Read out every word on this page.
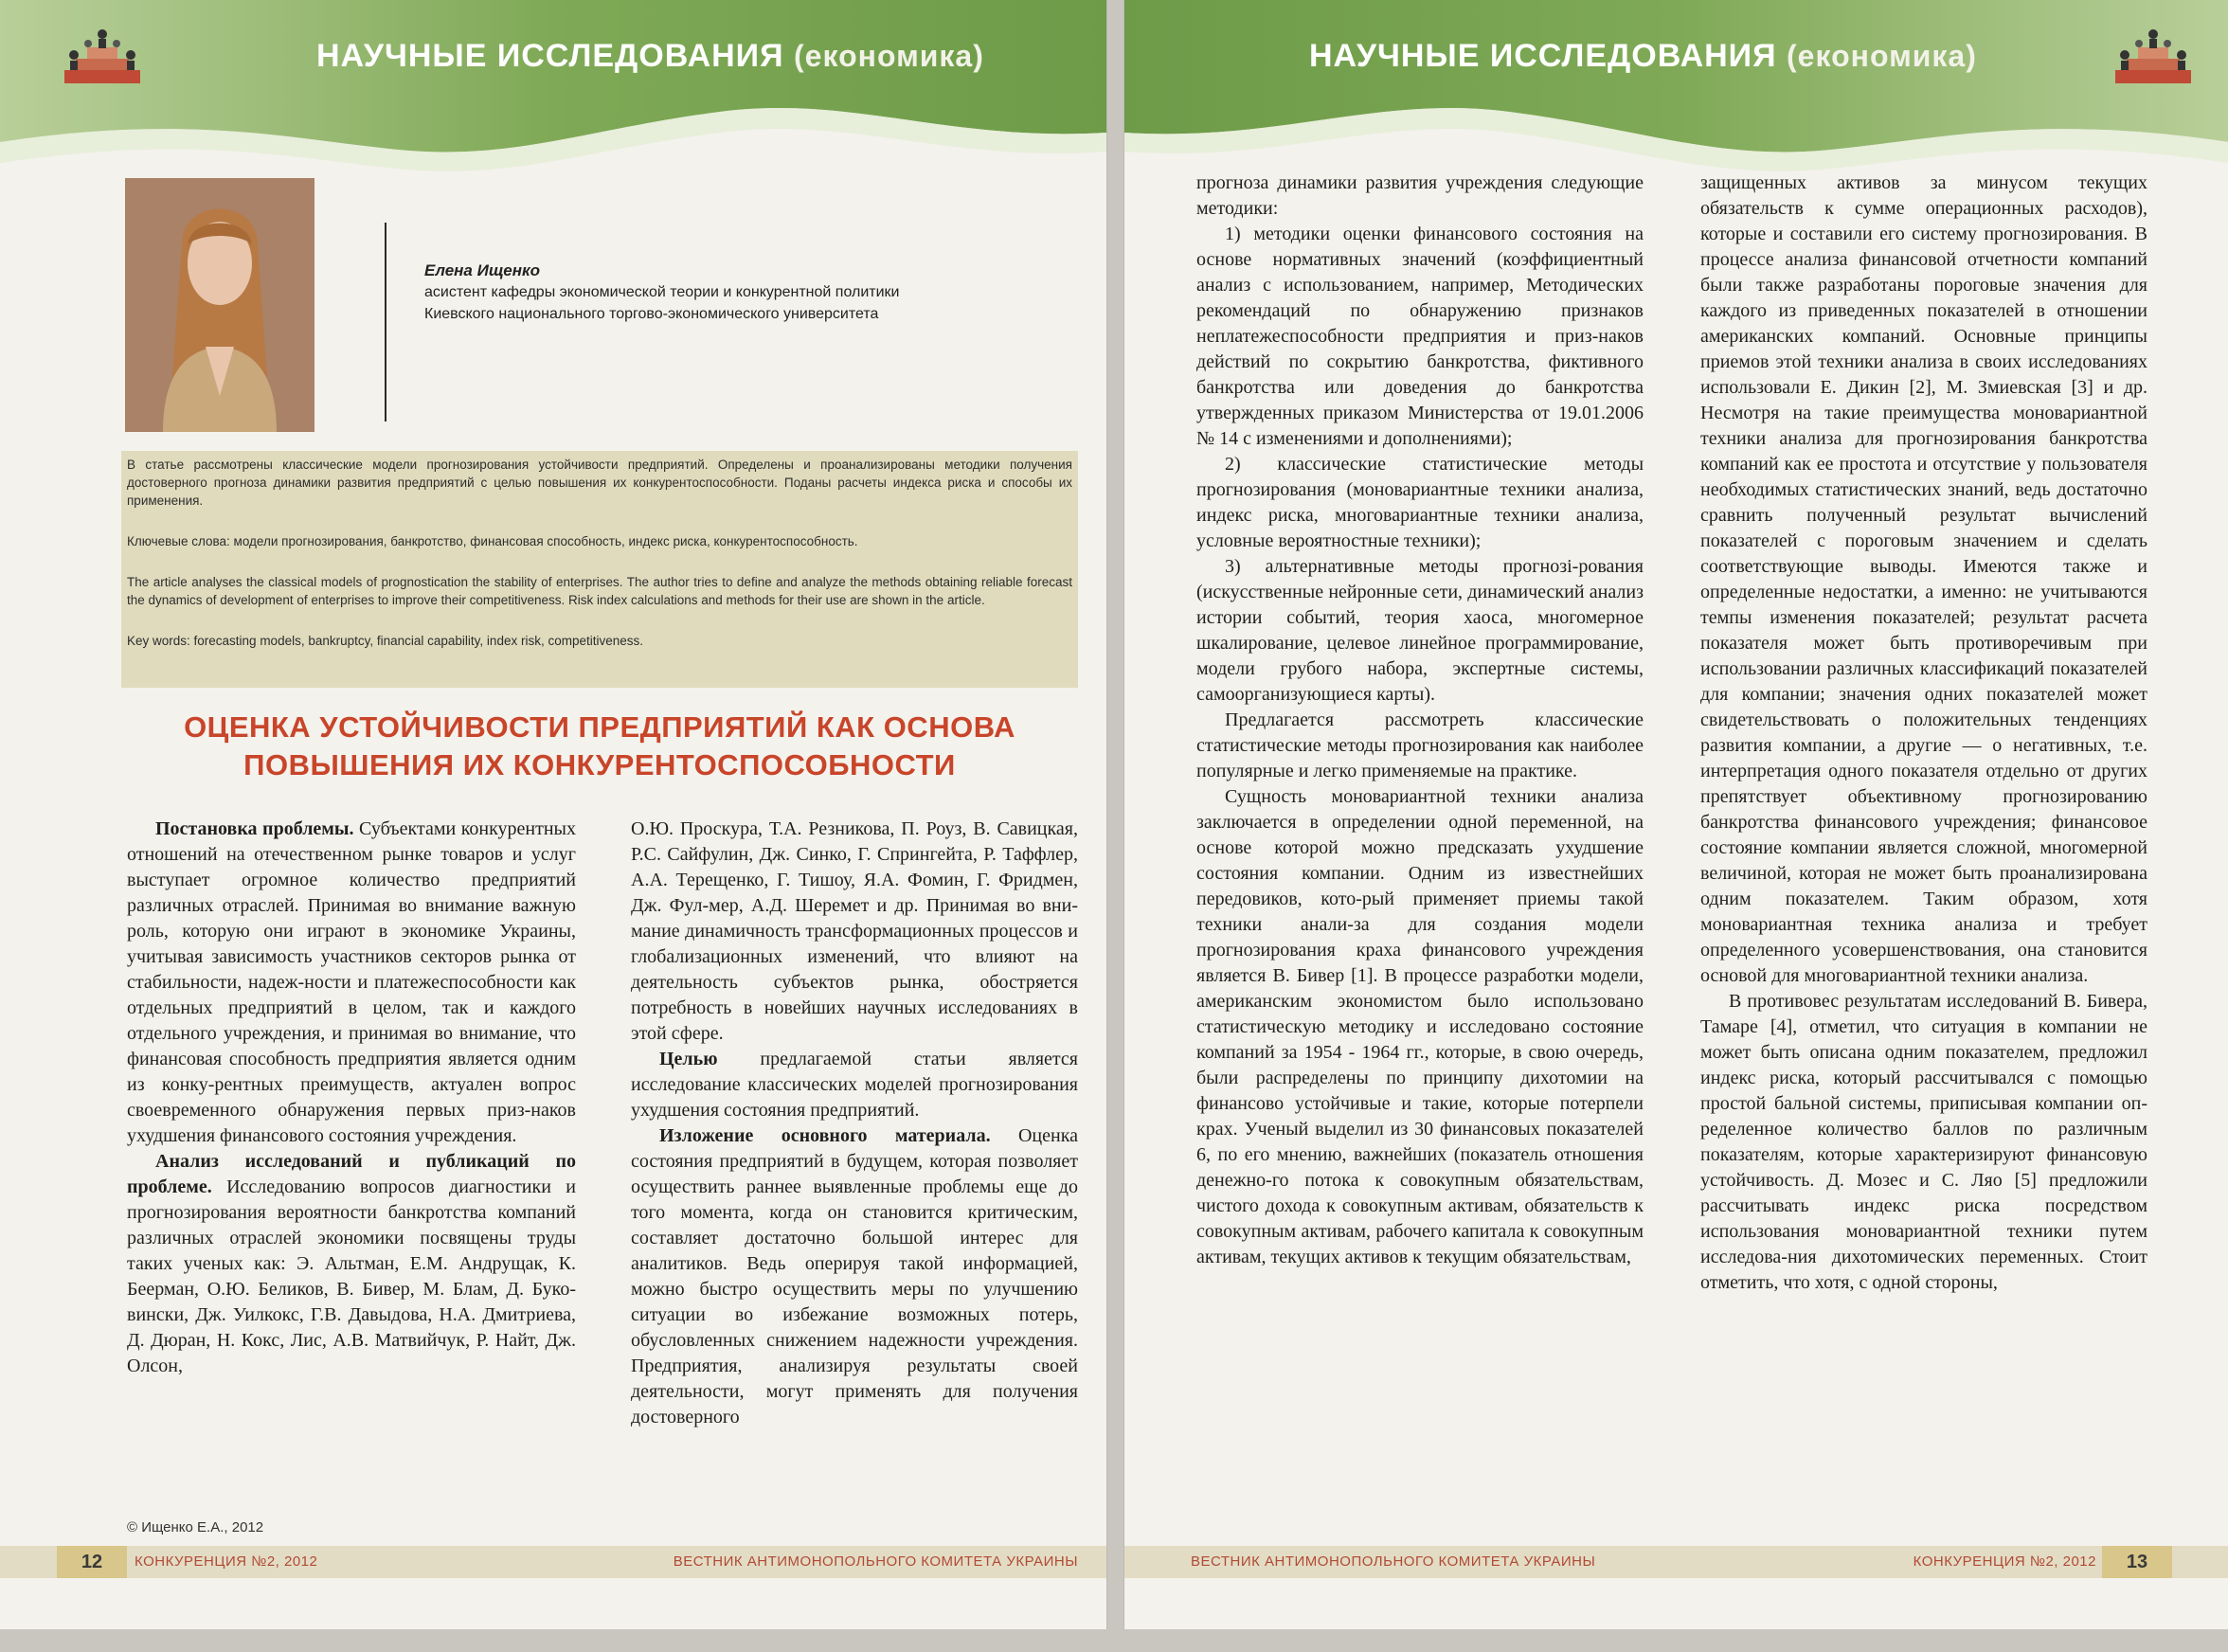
НАУЧНЫЕ ИССЛЕДОВАНИЯ (економика)
Елена Ищенко
асистент кафедры экономической теории и конкурентной политики
Киевского национального торгово-экономического университета

В статье рассмотрены классические модели прогнозирования устойчивости предприятий. Определены и проанализированы методики получения достоверного прогноза динамики развития предприятий с целью повышения их конкурентоспособности. Поданы расчеты индекса риска и способы их применения.

Ключевые слова: модели прогнозирования, банкротство, финансовая способность, индекс риска, конкурентоспособность.

The article analyses the classical models of prognostication the stability of enterprises. The author tries to define and analyze the methods obtaining reliable forecast the dynamics of development of enterprises to improve their competitiveness. Risk index calculations and methods for their use are shown in the article.

Key words: forecasting models, bankruptcy, financial capability, index risk, competitiveness.

ОЦЕНКА УСТОЙЧИВОСТИ ПРЕДПРИЯТИЙ КАК ОСНОВА
ПОВЫШЕНИЯ ИХ КОНКУРЕНТОСПОСОБНОСТИ

Постановка проблемы. Субъектами конкурентных отношений на отечественном рынке товаров и услуг выступает огромное количество предприятий различных отраслей. Принимая во внимание важную роль, которую они играют в экономике Украины, учитывая зависимость участников секторов рынка от стабильности, надеж-ности и платежеспособности как отдельных предприятий в целом, так и каждого отдельного учреждения, и принимая во внимание, что финансовая способность предприятия является одним из конку-рентных преимуществ, актуален вопрос своевременного обнаружения первых приз-наков ухудшения финансового состояния учреждения.

Анализ исследований и публикаций по проблеме. Исследованию вопросов диагностики и прогнозирования вероятности банкротства компаний различных отраслей экономики посвящены труды таких ученых как: Э. Альтман, Е.М. Андрущак, К. Беерман, О.Ю. Беликов, В. Бивер, М. Блам, Д. Буко-вински, Дж. Уилкокс, Г.В. Давыдова, Н.А. Дмитриева, Д. Дюран, Н. Кокс, Лис, А.В. Матвийчук, Р. Найт, Дж. Олсон,

О.Ю. Проскура, Т.А. Резникова, П. Роуз, В. Савицкая, Р.С. Сайфулин, Дж. Синко, Г. Спрингейта, Р. Таффлер, А.А. Терещенко, Г. Тишоу, Я.А. Фомин, Г. Фридмен, Дж. Фул-мер, А.Д. Шеремет и др. Принимая во вни-мание динамичность трансформационных процессов и глобализационных изменений, что влияют на деятельность субъектов рынка, обостряется потребность в новейших научных исследованиях в этой сфере.

Целью предлагаемой статьи является исследование классических моделей прогнозирования ухудшения состояния предприятий.

Изложение основного материала. Оценка состояния предприятий в будущем, которая позволяет осуществить раннее выявленные проблемы еще до того момента, когда он становится критическим, составляет достаточно большой интерес для аналитиков. Ведь оперируя такой информацией, можно быстро осуществить меры по улучшению ситуации во избежание возможных потерь, обусловленных снижением надежности учреждения. Предприятия, анализируя результаты своей деятельности, могут применять для получения достоверного

© Ищенко Е.А., 2012
12	КОНКУРЕНЦИЯ №2, 2012	ВЕСТНИК АНТИМОНОПОЛЬНОГО КОМИТЕТА УКРАИНЫ
НАУЧНЫЕ ИССЛЕДОВАНИЯ (економика)

прогноза динамики развития учреждения следующие методики:

1) методики оценки финансового состояния на основе нормативных значений (коэффициентный анализ с использованием, например, Методических рекомендаций по обнаружению признаков неплатежеспособности предприятия и приз-наков действий по сокрытию банкротства, фиктивного банкротства или доведения до банкротства утвержденных приказом Министерства от 19.01.2006 № 14 с изменениями и дополнениями);

2) классические статистические методы прогнозирования (моновариантные техники анализа, индекс риска, многовариантные техники анализа, условные вероятностные техники);

3) альтернативные методы прогнозі-рования (искусственные нейронные сети, динамический анализ истории событий, теория хаоса, многомерное шкалирование, целевое линейное программирование, модели грубого набора, экспертные системы, самоорганизующиеся карты).

Предлагается рассмотреть классические статистические методы прогнозирования как наиболее популярные и легко применяемые на практике.

Сущность моновариантной техники анализа заключается в определении одной переменной, на основе которой можно предсказать ухудшение состояния компании. Одним из известнейших передовиков, кото-рый применяет приемы такой техники анали-за для создания модели прогнозирования краха финансового учреждения является В. Бивер [1]. В процессе разработки модели, американским экономистом было использовано статистическую методику и исследовано состояние компаний за 1954 - 1964 гг., которые, в свою очередь, были распределены по принципу дихотомии на финансово устойчивые и такие, которые потерпели крах. Ученый выделил из 30 финансовых показателей 6, по его мнению, важнейших (показатель отношения денежно-го потока к совокупным обязательствам, чистого дохода к совокупным активам, обязательств к совокупным активам, рабочего капитала к совокупным активам, текущих активов к текущим обязательствам,

защищенных активов за минусом текущих обязательств к сумме операционных расходов), которые и составили его систему прогнозирования. В процессе анализа финансовой отчетности компаний были также разработаны пороговые значения для каждого из приведенных показателей в отношении американских компаний. Основные принципы приемов этой техники анализа в своих исследованиях использовали Е. Дикин [2], М. Змиевская [3] и др. Несмотря на такие преимущества моновариантной техники анализа для прогнозирования банкротства компаний как ее простота и отсутствие у пользователя необходимых статистических знаний, ведь достаточно сравнить полученный результат вычислений показателей с пороговым значением и сделать соответствующие выводы. Имеются также и определенные недостатки, а именно: не учитываются темпы изменения показателей; результат расчета показателя может быть противоречивым при использовании различных классификаций показателей для компании; значения одних показателей может свидетельствовать о положительных тенденциях развития компании, а другие — о негативных, т.е. интерпретация одного показателя отдельно от других препятствует объективному прогнозированию банкротства финансового учреждения; финансовое состояние компании является сложной, многомерной величиной, которая не может быть проанализирована одним показателем. Таким образом, хотя моновариантная техника анализа и требует определенного усовершенствования, она становится основой для многовариантной техники анализа.

В противовес результатам исследований В. Бивера, Тамаре [4], отметил, что ситуация в компании не может быть описана одним показателем, предложил индекс риска, который рассчитывался с помощью простой бальной системы, приписывая компании оп-ределенное количество баллов по различным показателям, которые характеризируют финансовую устойчивость. Д. Мозес и С. Ляо [5] предложили рассчитывать индекс риска посредством использования моновариантной техники путем исследова-ния дихотомических переменных. Стоит отметить, что хотя, с одной стороны,

ВЕСТНИК АНТИМОНОПОЛЬНОГО КОМИТЕТА УКРАИНЫ	КОНКУРЕНЦИЯ №2, 2012	13
